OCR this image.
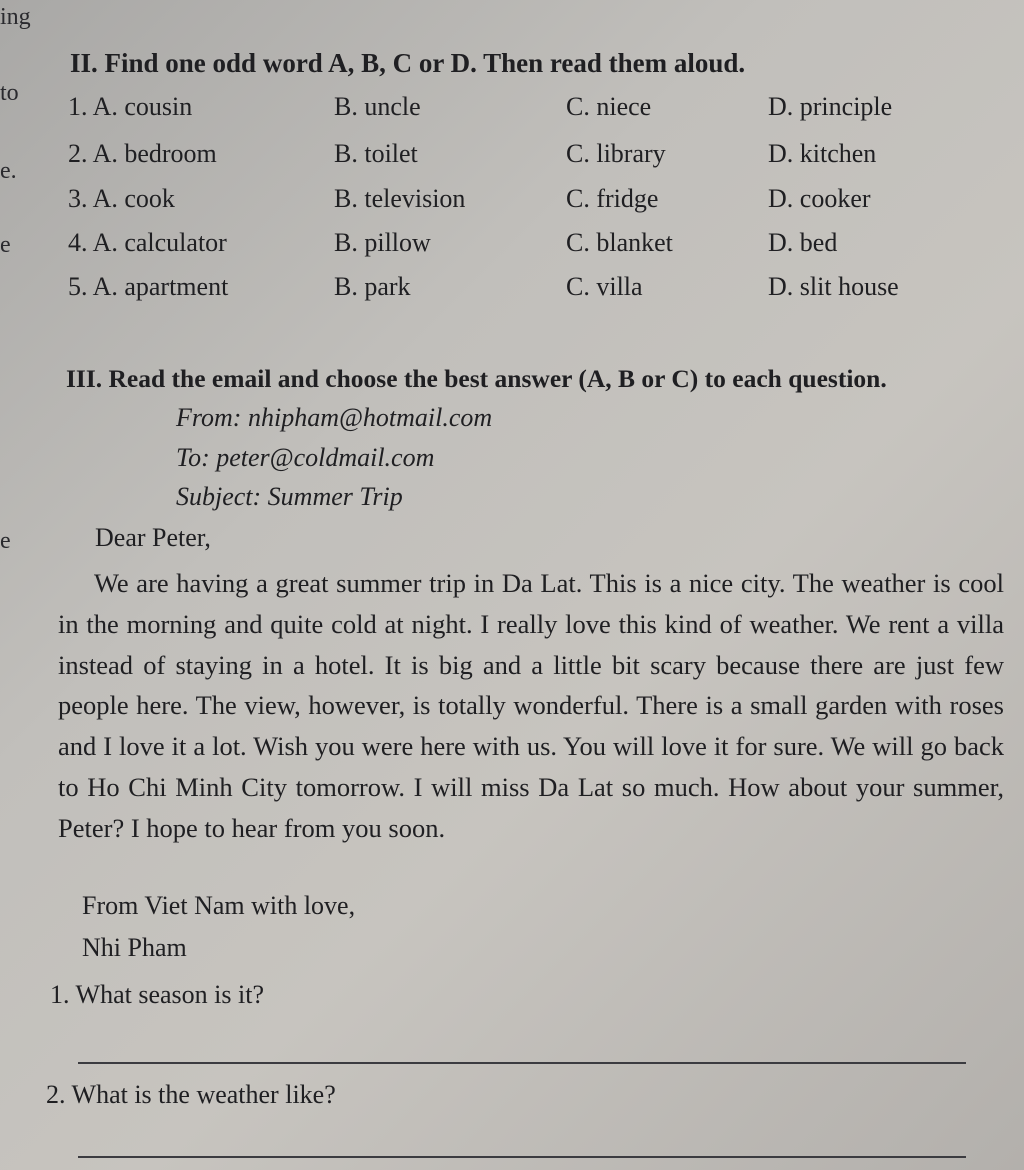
ing
to
e.
e
e
II. Find one odd word A, B, C or D. Then read them aloud.
1. A. cousin	B. uncle	C. niece	D. principle
2. A. bedroom	B. toilet	C. library	D. kitchen
3. A. cook	B. television	C. fridge	D. cooker
4. A. calculator	B. pillow	C. blanket	D. bed
5. A. apartment	B. park	C. villa	D. slit house
III. Read the email and choose the best answer (A, B or C) to each question.
From: nhipham@hotmail.com
To: peter@coldmail.com
Subject: Summer Trip
Dear Peter,
We are having a great summer trip in Da Lat. This is a nice city. The weather is cool in the morning and quite cold at night. I really love this kind of weather. We rent a villa instead of staying in a hotel. It is big and a little bit scary because there are just few people here. The view, however, is totally wonderful. There is a small garden with roses and I love it a lot. Wish you were here with us. You will love it for sure. We will go back to Ho Chi Minh City tomorrow. I will miss Da Lat so much. How about your summer, Peter? I hope to hear from you soon.
From Viet Nam with love,
Nhi Pham
1. What season is it?
2. What is the weather like?
